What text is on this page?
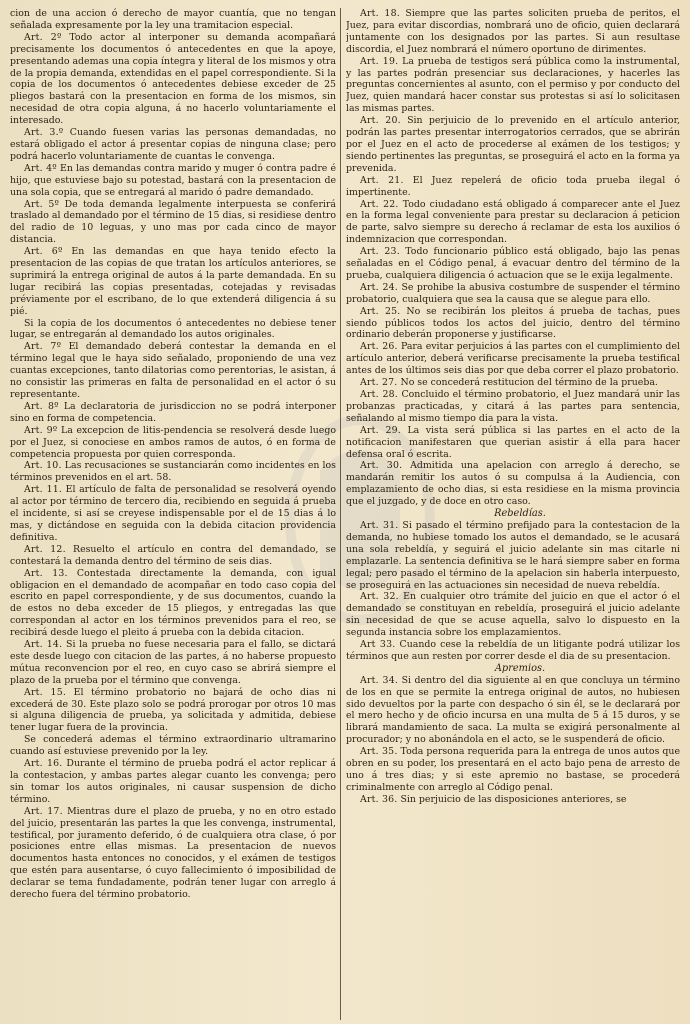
cion de una accion ó derecho de mayor cuantía, que no tengan señalada expresamente por la ley una tramitacion especial.

Art. 2º Todo actor al interponer su demanda acompañará precisamente los documentos ó antecedentes en que la apoye, presentando ademas una copia íntegra y literal de los mismos y otra de la propia demanda, extendidas en el papel correspondiente. Si la copia de los documentos ó antecedentes debiese exceder de 25 pliegos bastará con la presentacion en forma de los mismos, sin necesidad de otra copia alguna, á no hacerlo voluntariamente el interesado.

Art. 3.º Cuando fuesen varias las personas demandadas, no estará obligado el actor á presentar copias de ninguna clase; pero podrá hacerlo voluntariamente de cuantas le convenga.

Art. 4º En las demandas contra marido y muger ó contra padre é hijo, que estuviese bajo su potestad, bastará con la presentacion de una sola copia, que se entregará al marido ó padre demandado.

Art. 5º De toda demanda legalmente interpuesta se conferirá traslado al demandado por el término de 15 dias, si residiese dentro del radio de 10 leguas, y uno mas por cada cinco de mayor distancia.

Art. 6º En las demandas en que haya tenido efecto la presentacion de las copias de que tratan los artículos anteriores, se suprimirá la entrega original de autos á la parte demandada. En su lugar recibirá las copias presentadas, cotejadas y revisadas préviamente por el escribano, de lo que extenderá diligencia á su pié.

Si la copia de los documentos ó antecedentes no debiese tener lugar, se entregarán al demandado los autos originales.

Art. 7º El demandado deberá contestar la demanda en el término legal que le haya sido señalado, proponiendo de una vez cuantas excepciones, tanto dilatorias como perentorias, le asistan, á no consistir las primeras en falta de personalidad en el actor ó su representante.

Art. 8º La declaratoria de jurisdiccion no se podrá interponer sino en forma de competencia.

Art. 9º La excepcion de litis-pendencia se resolverá desde luego por el Juez, si conociese en ambos ramos de autos, ó en forma de competencia propuesta por quien corresponda.

Art. 10. Las recusaciones se sustanciarán como incidentes en los términos prevenidos en el art. 58.

Art. 11. El artículo de falta de personalidad se resolverá oyendo al actor por término de tercero dia, recibiendo en seguida á prueba el incidente, si así se creyese indispensable por el de 15 dias á lo mas, y dictándose en seguida con la debida citacion providencia definitiva.

Art. 12. Resuelto el artículo en contra del demandado, se contestará la demanda dentro del término de seis dias.

Art. 13. Contestada directamente la demanda, con igual obligacion en el demandado de acompañar en todo caso copia del escrito en papel correspondiente, y de sus documentos, cuando la de estos no deba exceder de 15 pliegos, y entregadas las que correspondan al actor en los términos prevenidos para el reo, se recibirá desde luego el pleito á prueba con la debida citacion.

Art. 14. Si la prueba no fuese necesaria para el fallo, se dictará este desde luego con citacion de las partes, á no haberse propuesto mútua reconvencion por el reo, en cuyo caso se abrirá siempre el plazo de la prueba por el término que convenga.

Art. 15. El término probatorio no bajará de ocho dias ni excederá de 30. Este plazo solo se podrá prorogar por otros 10 mas si alguna diligencia de prueba, ya solicitada y admitida, debiese tener lugar fuera de la provincia.

Se concederá ademas el término extraordinario ultramarino cuando así estuviese prevenido por la ley.

Art. 16. Durante el término de prueba podrá el actor replicar á la contestacion, y ambas partes alegar cuanto les convenga; pero sin tomar los autos originales, ni causar suspension de dicho término.

Art. 17. Mientras dure el plazo de prueba, y no en otro estado del juicio, presentarán las partes la que les convenga, instrumental, testifical, por juramento deferido, ó de cualquiera otra clase, ó por posiciones entre ellas mismas. La presentacion de nuevos documentos hasta entonces no conocidos, y el exámen de testigos que estén para ausentarse, ó cuyo fallecimiento ó imposibilidad de declarar se tema fundadamente, podrán tener lugar con arreglo á derecho fuera del término probatorio.

Art. 18. Siempre que las partes soliciten prueba de peritos, el Juez, para evitar discordias, nombrará uno de oficio, quien declarará juntamente con los designados por las partes. Si aun resultase discordia, el Juez nombrará el número oportuno de dirimentes.

Art. 19. La prueba de testigos será pública como la instrumental, y las partes podrán presenciar sus declaraciones, y hacerles las preguntas concernientes al asunto, con el permiso y por conducto del Juez, quien mandará hacer constar sus protestas si así lo solicitasen las mismas partes.

Art. 20. Sin perjuicio de lo prevenido en el artículo anterior, podrán las partes presentar interrogatorios cerrados, que se abrirán por el Juez en el acto de procederse al exámen de los testigos; y siendo pertinentes las preguntas, se proseguirá el acto en la forma ya prevenida.

Art. 21. El Juez repelerá de oficio toda prueba ilegal ó impertinente.

Art. 22. Todo ciudadano está obligado á comparecer ante el Juez en la forma legal conveniente para prestar su declaracion á peticion de parte, salvo siempre su derecho á reclamar de esta los auxilios ó indemnizacion que correspondan.

Art. 23. Todo funcionario público está obligado, bajo las penas señaladas en el Código penal, á evacuar dentro del término de la prueba, cualquiera diligencia ó actuacion que se le exija legalmente.

Art. 24. Se prohibe la abusiva costumbre de suspender el término probatorio, cualquiera que sea la causa que se alegue para ello.

Art. 25. No se recibirán los pleitos á prueba de tachas, pues siendo públicos todos los actos del juicio, dentro del término ordinario deberán proponerse y justificarse.

Art. 26. Para evitar perjuicios á las partes con el cumplimiento del artículo anterior, deberá verificarse precisamente la prueba testifical antes de los últimos seis dias por que deba correr el plazo probatorio.

Art. 27. No se concederá restitucion del término de la prueba.

Art. 28. Concluido el término probatorio, el Juez mandará unir las probanzas practicadas, y citará á las partes para sentencia, señalando al mismo tiempo dia para la vista.

Art. 29. La vista será pública si las partes en el acto de la notificacion manifestaren que querian asistir á ella para hacer defensa oral ó escrita.

Art. 30. Admitida una apelacion con arreglo á derecho, se mandarán remitir los autos ó su compulsa á la Audiencia, con emplazamiento de ocho dias, si esta residiese en la misma provincia que el juzgado, y de doce en otro caso.

Rebeldías.

Art. 31. Si pasado el término prefijado para la contestacion de la demanda, no hubiese tomado los autos el demandado, se le acusará una sola rebeldía, y seguirá el juicio adelante sin mas citarle ni emplazarle. La sentencia definitiva se le hará siempre saber en forma legal; pero pasado el término de la apelacion sin haberla interpuesto, se proseguirá en las actuaciones sin necesidad de nueva rebeldía.

Art. 32. En cualquier otro trámite del juicio en que el actor ó el demandado se constituyan en rebeldía, proseguirá el juicio adelante sin necesidad de que se acuse aquella, salvo lo dispuesto en la segunda instancia sobre los emplazamientos.

Art 33. Cuando cese la rebeldía de un litigante podrá utilizar los términos que aun resten por correr desde el dia de su presentacion.

Apremios.

Art. 34. Si dentro del dia siguiente al en que concluya un término de los en que se permite la entrega original de autos, no hubiesen sido devueltos por la parte con despacho ó sin él, se le declarará por el mero hecho y de oficio incursa en una multa de 5 á 15 duros, y se librará mandamiento de saca. La multa se exigirá personalmente al procurador; y no abonándola en el acto, se le suspenderá de oficio.

Art. 35. Toda persona requerida para la entrega de unos autos que obren en su poder, los presentará en el acto bajo pena de arresto de uno á tres dias; y si este apremio no bastase, se procederá criminalmente con arreglo al Código penal.

Art. 36. Sin perjuicio de las disposiciones anteriores, se
